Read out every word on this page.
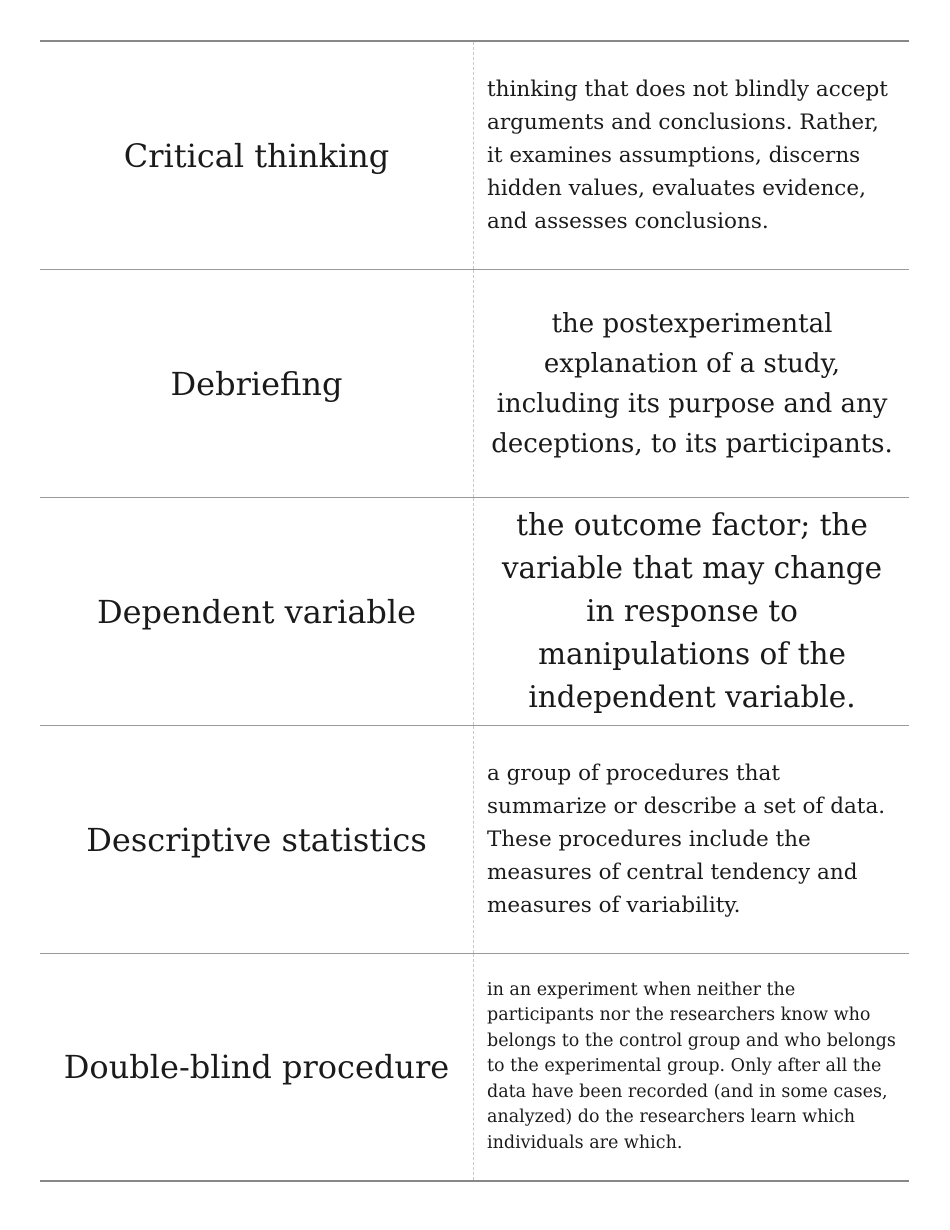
Critical thinking
thinking that does not blindly accept arguments and conclusions. Rather, it examines assumptions, discerns hidden values, evaluates evidence, and assesses conclusions.
Debriefing
the postexperimental explanation of a study, including its purpose and any deceptions, to its participants.
Dependent variable
the outcome factor; the variable that may change in response to manipulations of the independent variable.
Descriptive statistics
a group of procedures that summarize or describe a set of data. These procedures include the measures of central tendency and measures of variability.
Double-blind procedure
in an experiment when neither the participants nor the researchers know who belongs to the control group and who belongs to the experimental group. Only after all the data have been recorded (and in some cases, analyzed) do the researchers learn which individuals are which.
